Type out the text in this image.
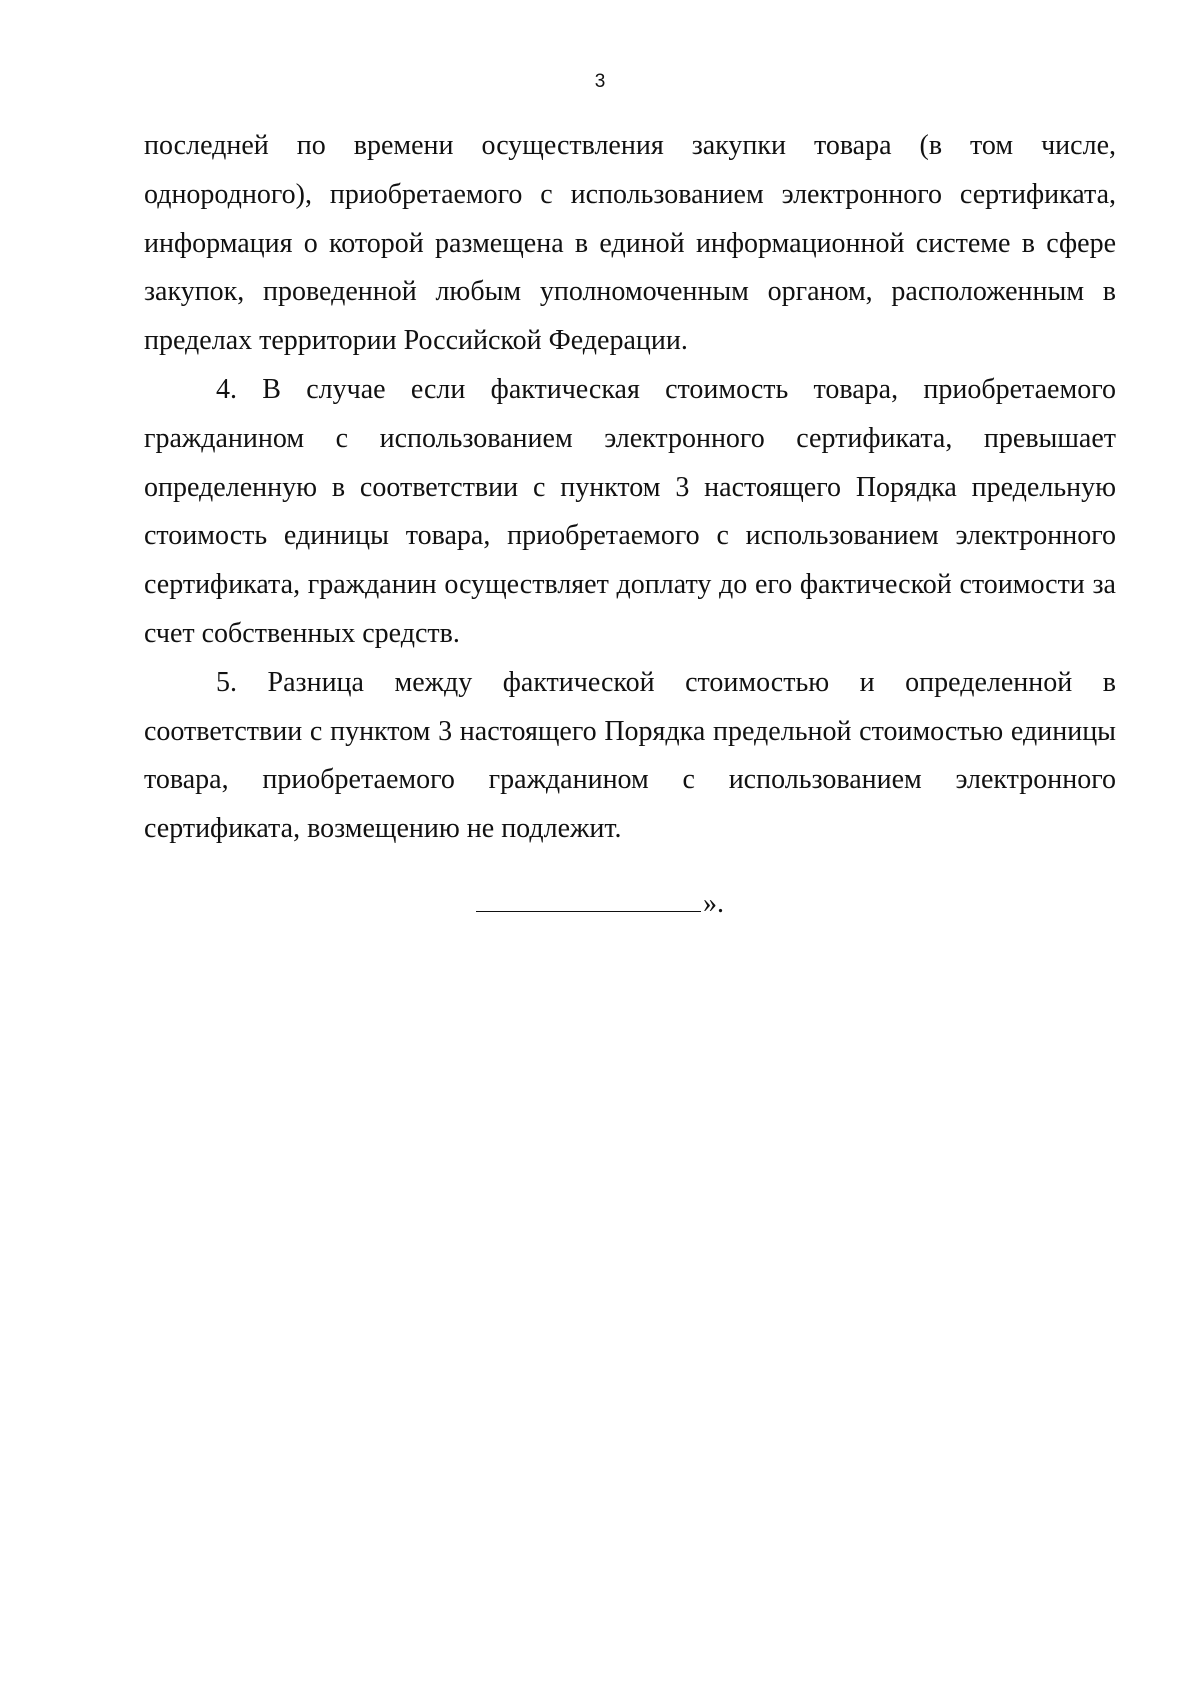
3

последней по времени осуществления закупки товара (в том числе, однородного), приобретаемого с использованием электронного сертификата, информация о которой размещена в единой информационной системе в сфере закупок, проведенной любым уполномоченным органом, расположенным в пределах территории Российской Федерации.

4. В случае если фактическая стоимость товара, приобретаемого гражданином с использованием электронного сертификата, превышает определенную в соответствии с пунктом 3 настоящего Порядка предельную стоимость единицы товара, приобретаемого с использованием электронного сертификата, гражданин осуществляет доплату до его фактической стоимости за счет собственных средств.

5. Разница между фактической стоимостью и определенной в соответствии с пунктом 3 настоящего Порядка предельной стоимостью единицы товара, приобретаемого гражданином с использованием электронного сертификата, возмещению не подлежит.

».
